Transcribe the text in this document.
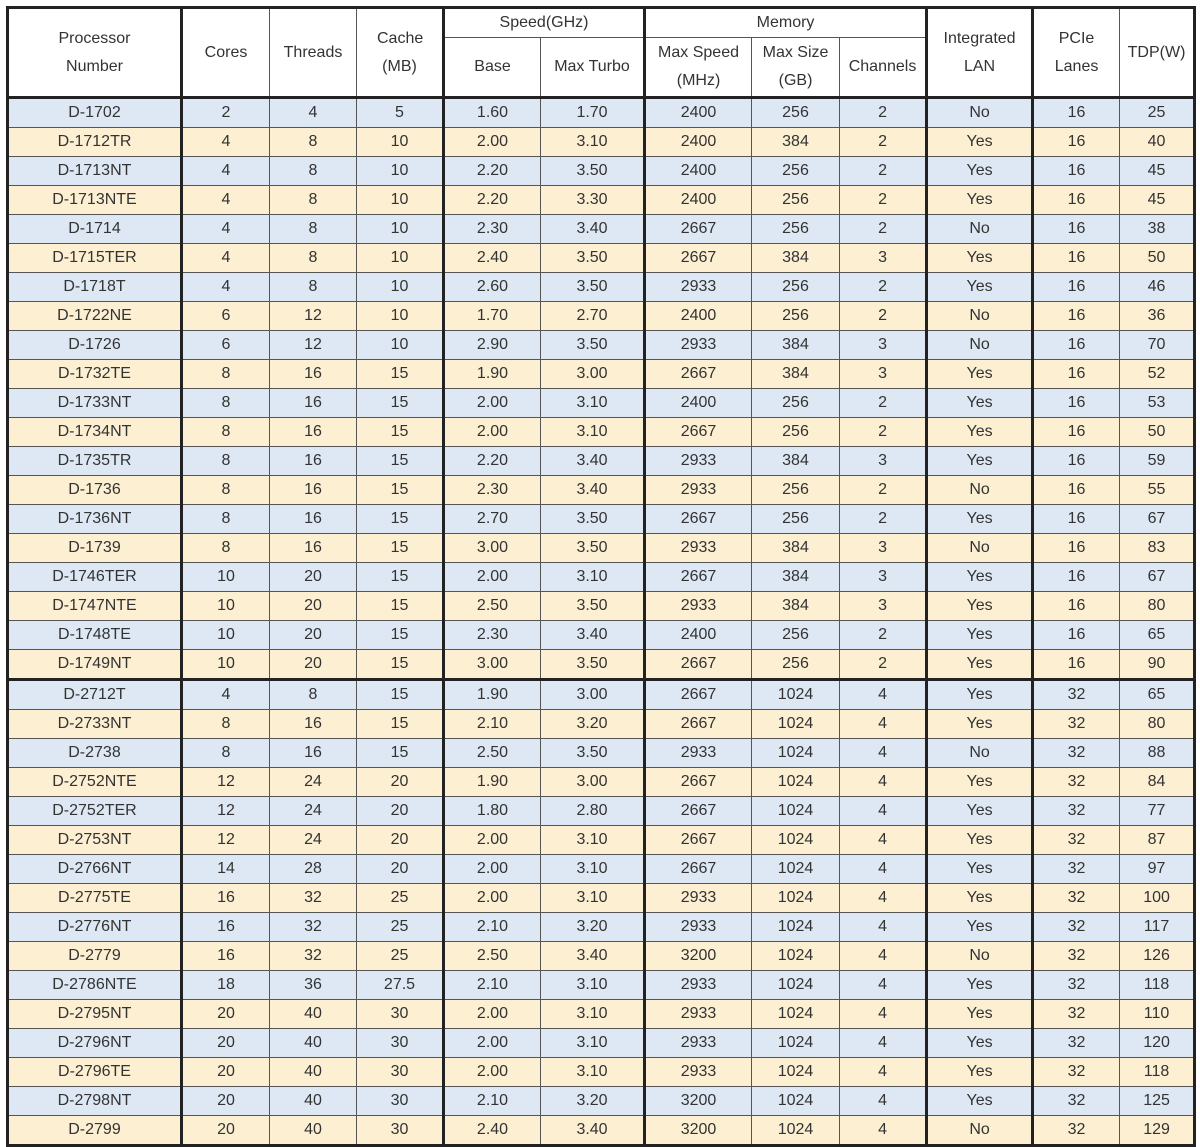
Processor Number	Cores	Threads	Cache (MB)	Speed(GHz)		Memory			Integrated LAN	PCIe Lanes	TDP(W)
				Base	Max Turbo	Max Speed (MHz)	Max Size (GB)	Channels			
D-1702	2	4	5	1.60	1.70	2400	256	2	No	16	25
D-1712TR	4	8	10	2.00	3.10	2400	384	2	Yes	16	40
D-1713NT	4	8	10	2.20	3.50	2400	256	2	Yes	16	45
D-1713NTE	4	8	10	2.20	3.30	2400	256	2	Yes	16	45
D-1714	4	8	10	2.30	3.40	2667	256	2	No	16	38
D-1715TER	4	8	10	2.40	3.50	2667	384	3	Yes	16	50
D-1718T	4	8	10	2.60	3.50	2933	256	2	Yes	16	46
D-1722NE	6	12	10	1.70	2.70	2400	256	2	No	16	36
D-1726	6	12	10	2.90	3.50	2933	384	3	No	16	70
D-1732TE	8	16	15	1.90	3.00	2667	384	3	Yes	16	52
D-1733NT	8	16	15	2.00	3.10	2400	256	2	Yes	16	53
D-1734NT	8	16	15	2.00	3.10	2667	256	2	Yes	16	50
D-1735TR	8	16	15	2.20	3.40	2933	384	3	Yes	16	59
D-1736	8	16	15	2.30	3.40	2933	256	2	No	16	55
D-1736NT	8	16	15	2.70	3.50	2667	256	2	Yes	16	67
D-1739	8	16	15	3.00	3.50	2933	384	3	No	16	83
D-1746TER	10	20	15	2.00	3.10	2667	384	3	Yes	16	67
D-1747NTE	10	20	15	2.50	3.50	2933	384	3	Yes	16	80
D-1748TE	10	20	15	2.30	3.40	2400	256	2	Yes	16	65
D-1749NT	10	20	15	3.00	3.50	2667	256	2	Yes	16	90
D-2712T	4	8	15	1.90	3.00	2667	1024	4	Yes	32	65
D-2733NT	8	16	15	2.10	3.20	2667	1024	4	Yes	32	80
D-2738	8	16	15	2.50	3.50	2933	1024	4	No	32	88
D-2752NTE	12	24	20	1.90	3.00	2667	1024	4	Yes	32	84
D-2752TER	12	24	20	1.80	2.80	2667	1024	4	Yes	32	77
D-2753NT	12	24	20	2.00	3.10	2667	1024	4	Yes	32	87
D-2766NT	14	28	20	2.00	3.10	2667	1024	4	Yes	32	97
D-2775TE	16	32	25	2.00	3.10	2933	1024	4	Yes	32	100
D-2776NT	16	32	25	2.10	3.20	2933	1024	4	Yes	32	117
D-2779	16	32	25	2.50	3.40	3200	1024	4	No	32	126
D-2786NTE	18	36	27.5	2.10	3.10	2933	1024	4	Yes	32	118
D-2795NT	20	40	30	2.00	3.10	2933	1024	4	Yes	32	110
D-2796NT	20	40	30	2.00	3.10	2933	1024	4	Yes	32	120
D-2796TE	20	40	30	2.00	3.10	2933	1024	4	Yes	32	118
D-2798NT	20	40	30	2.10	3.20	3200	1024	4	Yes	32	125
D-2799	20	40	30	2.40	3.40	3200	1024	4	No	32	129
